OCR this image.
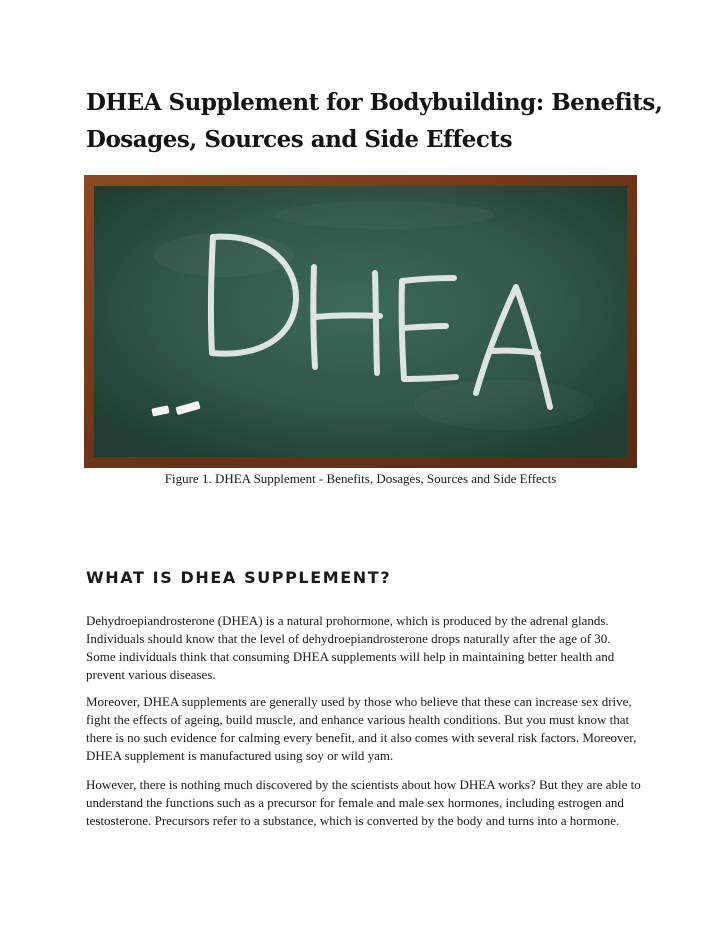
DHEA Supplement for Bodybuilding: Benefits, Dosages, Sources and Side Effects
Figure 1. DHEA Supplement - Benefits, Dosages, Sources and Side Effects
WHAT IS DHEA SUPPLEMENT?

Dehydroepiandrosterone (DHEA) is a natural prohormone, which is produced by the adrenal glands. Individuals should know that the level of dehydroepiandrosterone drops naturally after the age of 30. Some individuals think that consuming DHEA supplements will help in maintaining better health and prevent various diseases.

Moreover, DHEA supplements are generally used by those who believe that these can increase sex drive, fight the effects of ageing, build muscle, and enhance various health conditions. But you must know that there is no such evidence for calming every benefit, and it also comes with several risk factors. Moreover, DHEA supplement is manufactured using soy or wild yam.

However, there is nothing much discovered by the scientists about how DHEA works? But they are able to understand the functions such as a precursor for female and male sex hormones, including estrogen and testosterone. Precursors refer to a substance, which is converted by the body and turns into a hormone.
